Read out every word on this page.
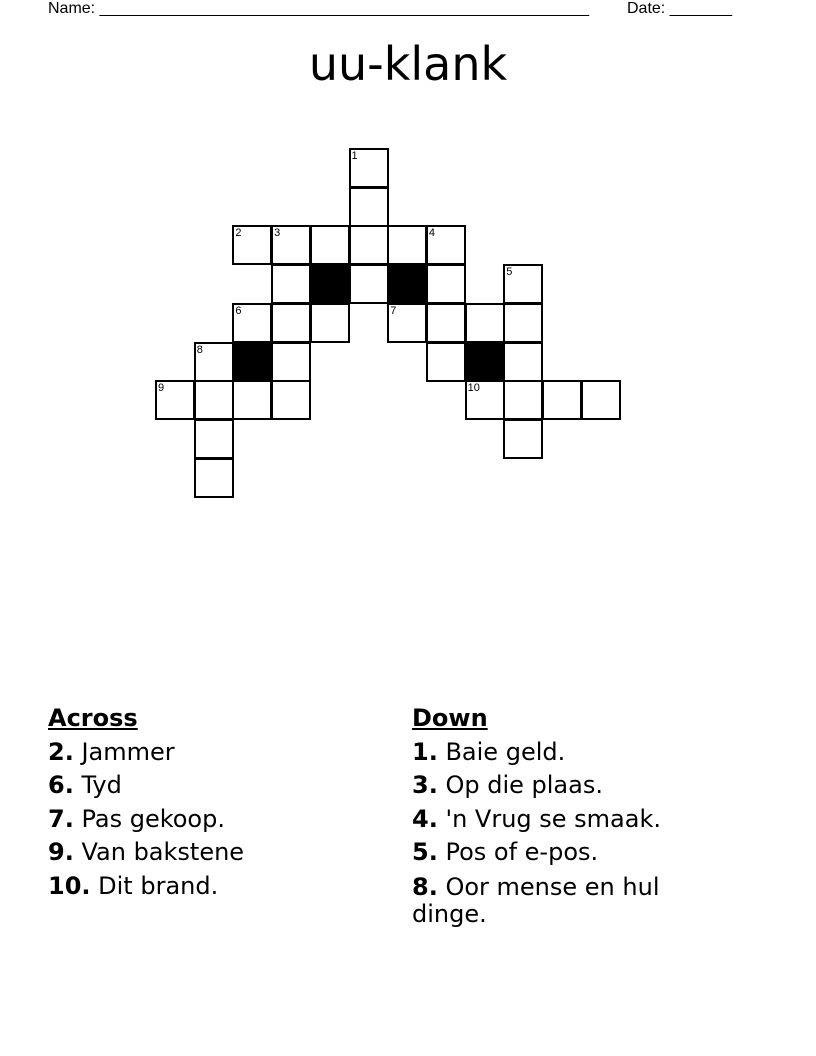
Name: _______________________________________________________ Date: _______
uu-klank
1
2	3	4
5
6	7
8
9	10
Across
2. Jammer
6. Tyd
7. Pas gekoop.
9. Van bakstene
10. Dit brand.
Down
1. Baie geld.
3. Op die plaas.
4. 'n Vrug se smaak.
5. Pos of e-pos.
8. Oor mense en hul dinge.
